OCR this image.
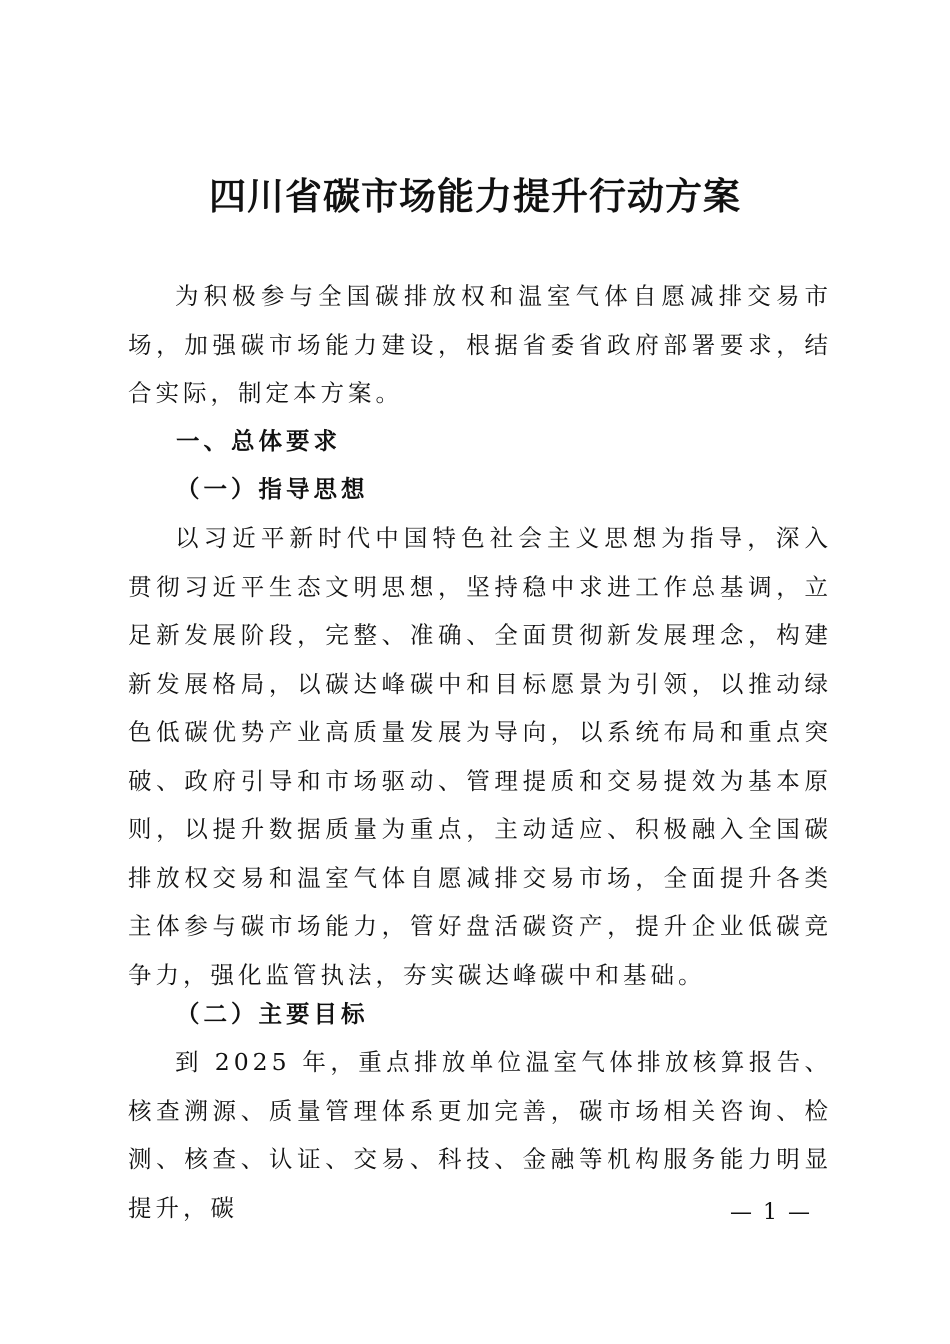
四川省碳市场能力提升行动方案

为积极参与全国碳排放权和温室气体自愿减排交易市场，加强碳市场能力建设，根据省委省政府部署要求，结合实际，制定本方案。

一、总体要求
（一）指导思想

以习近平新时代中国特色社会主义思想为指导，深入贯彻习近平生态文明思想，坚持稳中求进工作总基调，立足新发展阶段，完整、准确、全面贯彻新发展理念，构建新发展格局，以碳达峰碳中和目标愿景为引领，以推动绿色低碳优势产业高质量发展为导向，以系统布局和重点突破、政府引导和市场驱动、管理提质和交易提效为基本原则，以提升数据质量为重点，主动适应、积极融入全国碳排放权交易和温室气体自愿减排交易市场，全面提升各类主体参与碳市场能力，管好盘活碳资产，提升企业低碳竞争力，强化监管执法，夯实碳达峰碳中和基础。

（二）主要目标

到 2025 年，重点排放单位温室气体排放核算报告、核查溯源、质量管理体系更加完善，碳市场相关咨询、检测、核查、认证、交易、科技、金融等机构服务能力明显提升，碳	— 1 —
